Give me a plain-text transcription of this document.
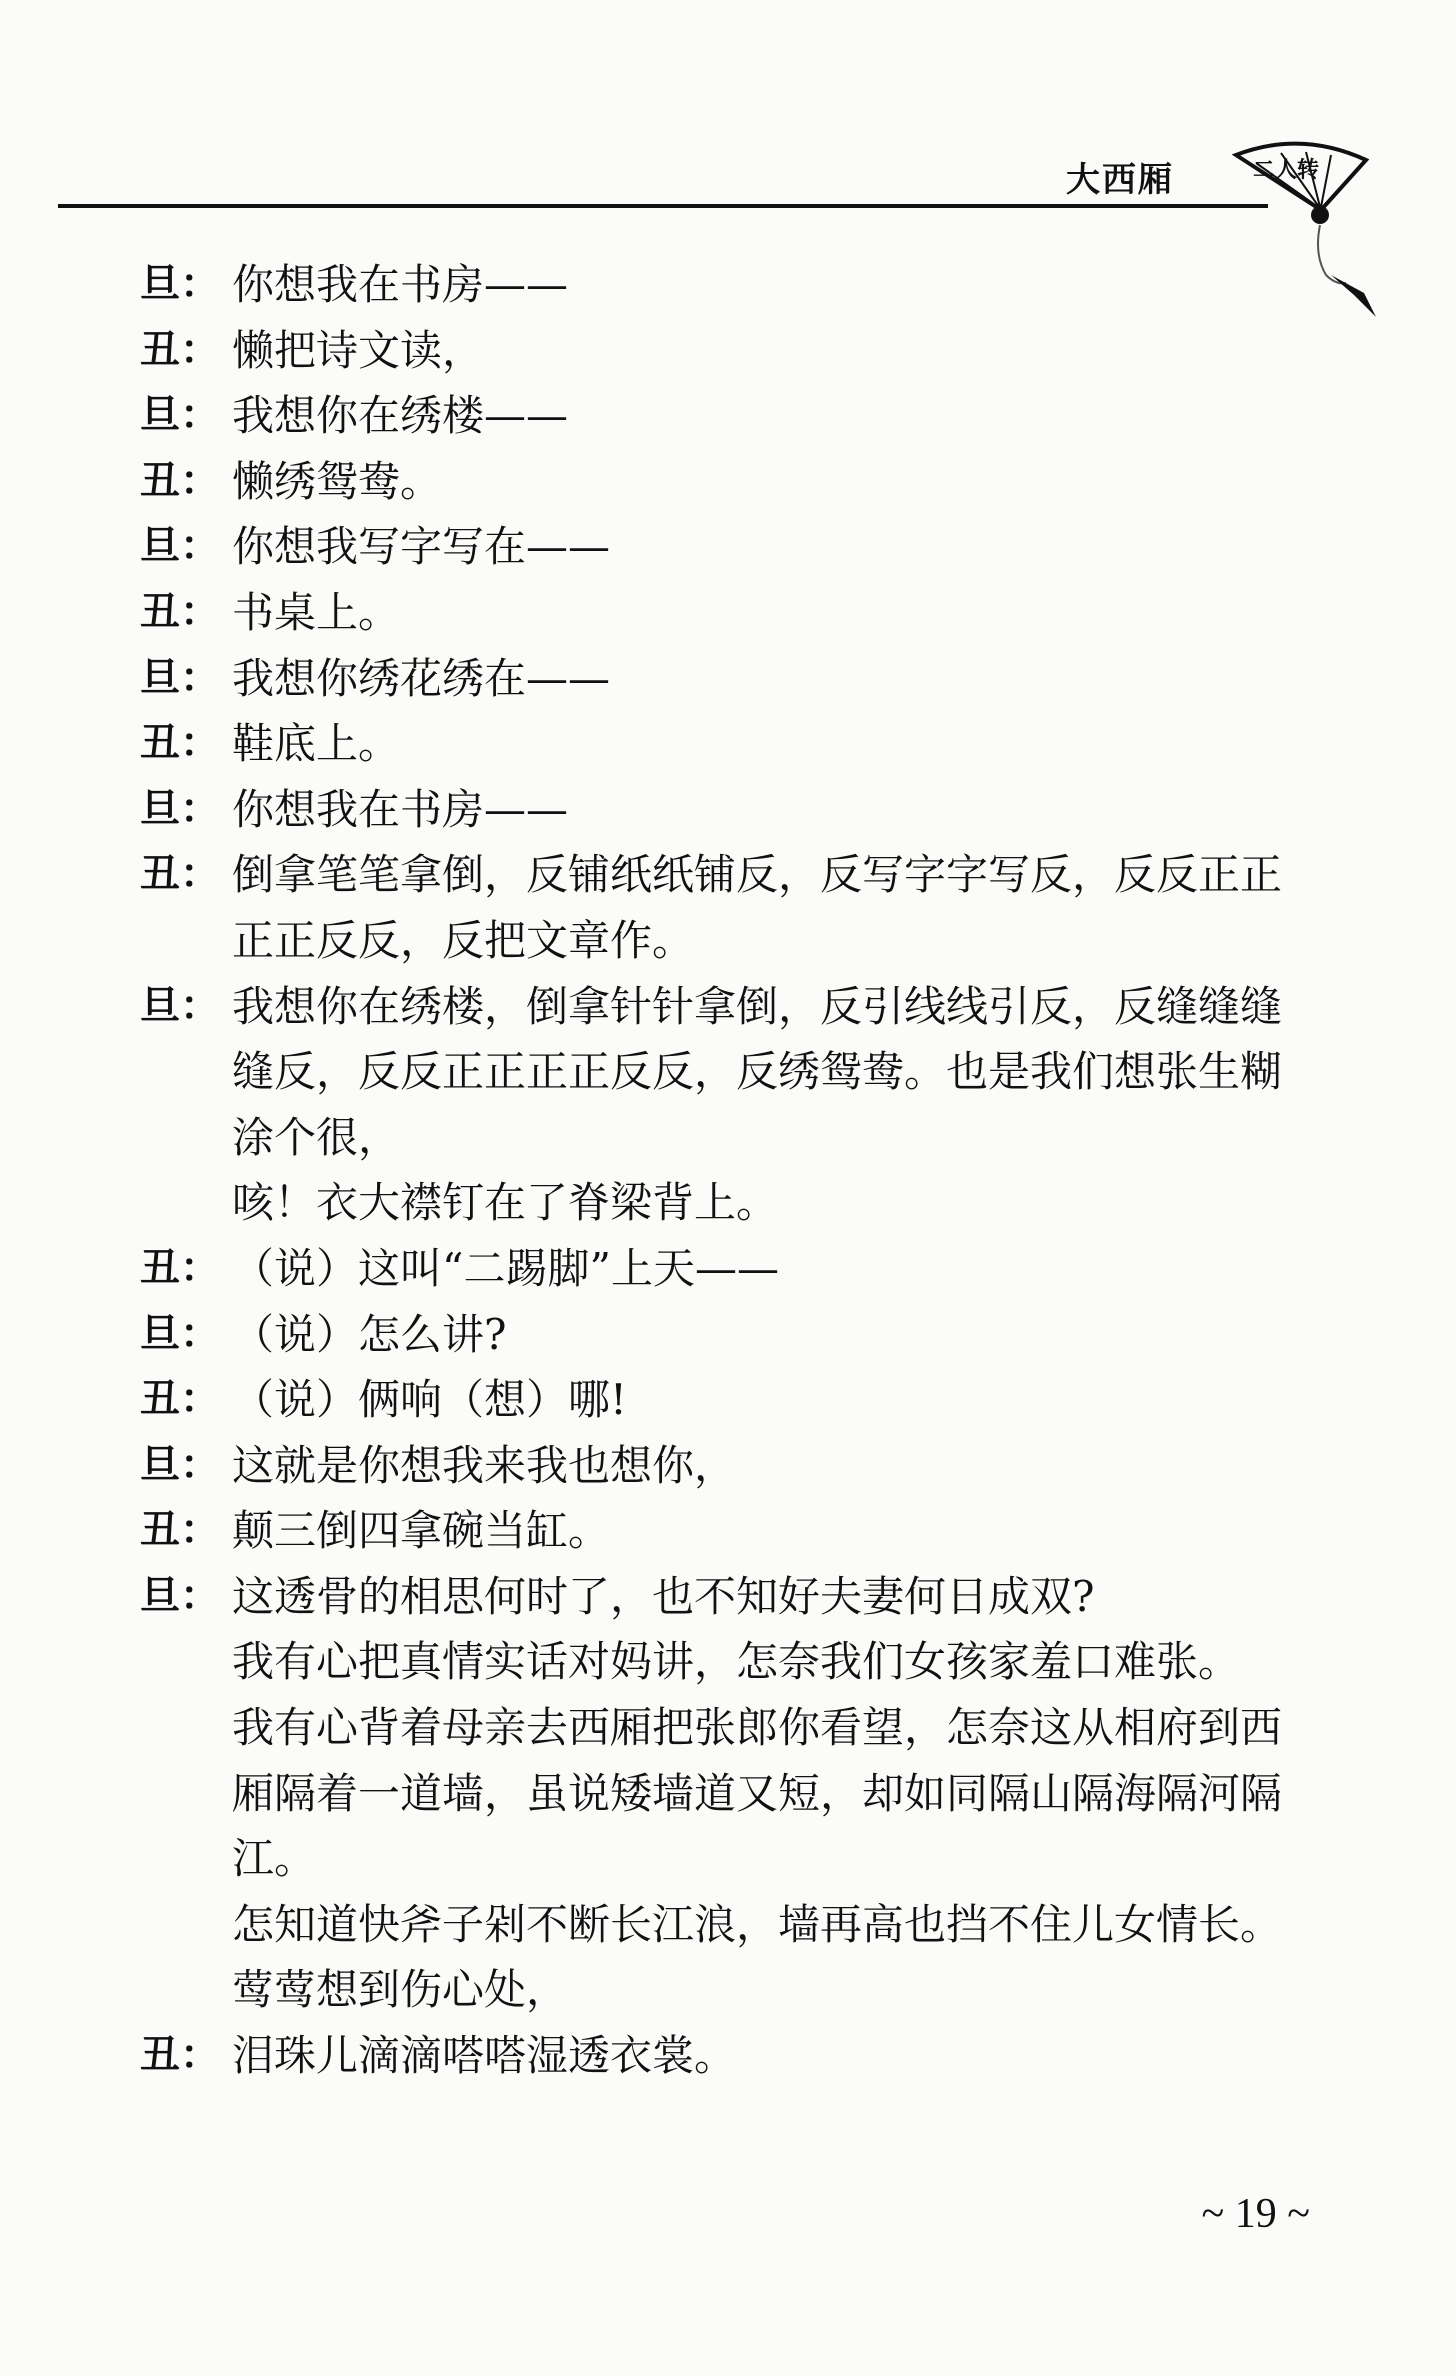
大西厢	二人转
旦： 你想我在书房——
丑： 懒把诗文读，
旦： 我想你在绣楼——
丑： 懒绣鸳鸯。
旦： 你想我写字写在——
丑： 书桌上。
旦： 我想你绣花绣在——
丑： 鞋底上。
旦： 你想我在书房——
丑： 倒拿笔笔拿倒，反铺纸纸铺反，反写字字写反，反反正正正正反反，反把文章作。
旦： 我想你在绣楼，倒拿针针拿倒，反引线线引反，反缝缝缝缝反，反反正正正正反反，反绣鸳鸯。也是我们想张生糊涂个很，
咳！衣大襟钉在了脊梁背上。
丑： （说）这叫“二踢脚”上天——
旦： （说）怎么讲?
丑： （说）俩响（想）哪!
旦： 这就是你想我来我也想你，
丑： 颠三倒四拿碗当缸。
旦： 这透骨的相思何时了，也不知好夫妻何日成双?
我有心把真情实话对妈讲，怎奈我们女孩家羞口难张。
我有心背着母亲去西厢把张郎你看望，怎奈这从相府到西厢隔着一道墙，虽说矮墙道又短，却如同隔山隔海隔河隔江。
怎知道快斧子剁不断长江浪，墙再高也挡不住儿女情长。
莺莺想到伤心处，
丑： 泪珠儿滴滴嗒嗒湿透衣裳。
~ 19 ~
